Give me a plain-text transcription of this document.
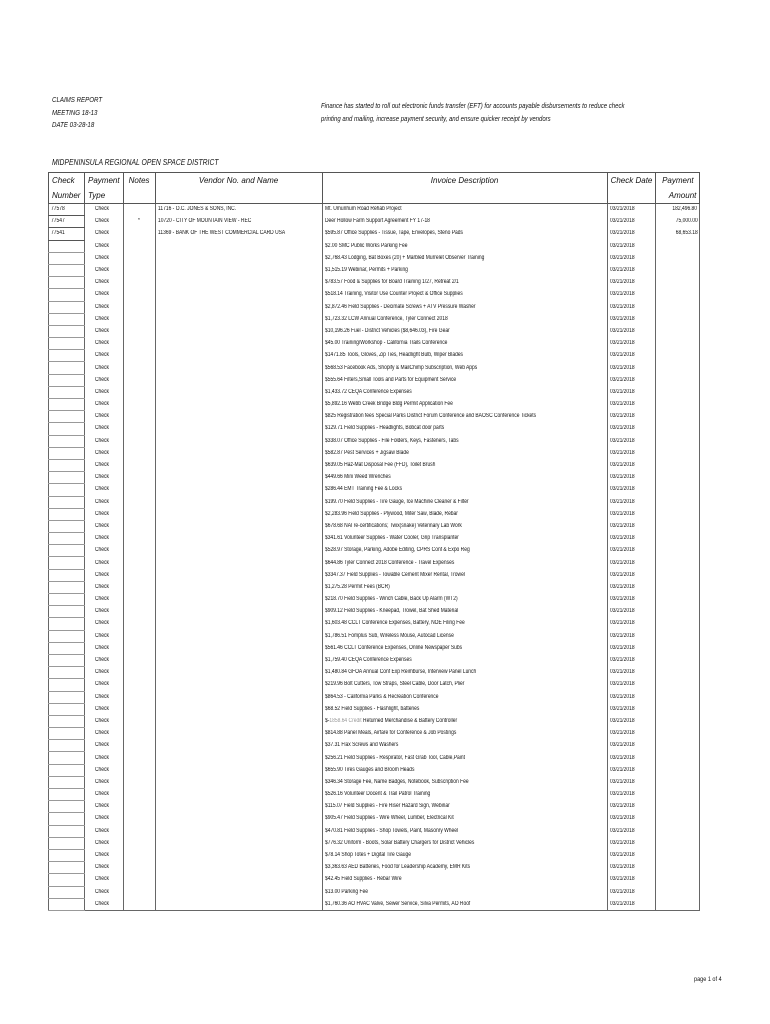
CLAIMS REPORT
MEETING 18-13
DATE 03-28-18
Finance has started to roll out electronic funds transfer (EFT) for accounts payable disbursements to reduce check
printing and mailing, increase payment security, and ensure quicker receipt by vendors
MIDPENINSULA REGIONAL OPEN SPACE DISTRICT
Check	Payment	Notes	Vendor No. and Name	Invoice Description	Check Date	Payment
Number	Type					Amount
77578	Check		11716 - O.C. JONES & SONS, INC.	Mt. Umunhum Road Rehab Project	03/21/2018	182,496.80
77547	Check	*	10720 - CITY OF MOUNTAIN VIEW - REC	Deer Hollow Farm Support Agreement FY 17-18	03/21/2018	75,000.00
77541	Check		11369 - BANK OF THE WEST COMMERCIAL CARD USA	$595.87 Office Supplies - Tissue, Tape, Envelopes, Steno Pads	03/21/2018	68,653.18
	Check			$2.00 SMC Public Works Parking Fee	03/21/2018	
	Check			$2,768.43 Lodging, Bat Boxes (20) + Marbled Murrelet Observer Training	03/21/2018	
	Check			$1,515.19 Webinar, Permits + Parking	03/21/2018	
	Check			$783.57 Food & Supplies for Board Training 1/27, Retreat 2/1	03/21/2018	
	Check			$518.14 Training, Visitor Use Counter Project & Office Supplies	03/21/2018	
	Check			$2,872.46 Field Supplies - Decimate Screws + ATV Pressure Washer	03/21/2018	
	Check			$1,723.32 LCW Annual Conference, Tyler Connect 2018	03/21/2018	
	Check			$10,196.26 Fuel - District Vehicles ($8,646.03), Fire Gear	03/21/2018	
	Check			$45.00 Training/Workshop - California Trails Conference	03/21/2018	
	Check			$1471.85 Tools, Gloves, Zip Ties, Headlight Bulb, Wiper Blades	03/21/2018	
	Check			$568.53 Facebook Ads, Shopify & MailChimp Subscription, Web Apps	03/21/2018	
	Check			$555.64 Filters,Small Tools and Parts for Equipment Service	03/21/2018	
	Check			$1,433.72 CEQA Conference Expenses	03/21/2018	
	Check			$5,892.16 Webb Creek Bridge Bldg Permit Application Fee	03/21/2018	
	Check			$825 Registration fees Special Parks District Forum Conference and BAOSC Conference Tickets	03/21/2018	
	Check			$129.71 Field Supplies - Headlights, Bobcat door parts	03/21/2018	
	Check			$338.07 Office Supplies - File Folders, Keys, Fasteners, Tabs	03/21/2018	
	Check			$582.87 Pest Services + Jigsaw Blade	03/21/2018	
	Check			$639.05 Haz-Mat Disposal Fee (FFD), Toilet Brush	03/21/2018	
	Check			$449.66 Mini Weed Wrenches	03/21/2018	
	Check			$286.44 EMT Training Fee & Locks	03/21/2018	
	Check			$199.70 Field Supplies - Tire Gauge, Ice Machine Cleaner & Filter	03/21/2018	
	Check			$2,283.96 Field Supplies - Plywood, Miter Saw, Blade, Rebar	03/21/2018	
	Check			$678.68 NAI re-certifications; Twix(snake) Veterinary Lab Work	03/21/2018	
	Check			$341.61 Volunteer Supplies - Water Cooler, Grip Transplanter	03/21/2018	
	Check			$528.97 Storage, Parking, Adobe Editing, CPRS Conf & Expo Reg	03/21/2018	
	Check			$644.86 Tyler Connect 2018 Conference - Travel Expenses	03/21/2018	
	Check			$3347.37 Field Supplies - Towable Cement Mixer Rental, Trowel	03/21/2018	
	Check			$1,275.28 Permit Fees (BCR)	03/21/2018	
	Check			$218.70 Field Supplies - Winch Cable, Back Up Alarm (WT2)	03/21/2018	
	Check			$909.12 Field Supplies - Kneepad, Trowel, Bat Shed Material	03/21/2018	
	Check			$1,603.48 CCLT Conference Expenses, Battery, NOE Filing Fee	03/21/2018	
	Check			$1,786.51 Fomplus Sub, Wireless Mouse, Autocad License	03/21/2018	
	Check			$561.46 CCLT Conference Expenses, Online Newspaper Subs	03/21/2018	
	Check			$1,759.40 CEQA Conference Expenses	03/21/2018	
	Check			$1,480.84 GFOA Annual Conf Exp Reimburse, Interview Panel Lunch	03/21/2018	
	Check			$219.96 Bolt Cutters, Tow Straps, Steel Cable, Door Latch, Plier	03/21/2018	
	Check			$864.53 - California Parks & Recreation Conference	03/21/2018	
	Check			$68.52 Field Supplies - Flashlight, batteries	03/21/2018	
	Check			$-1858.64 Credit Returned Merchandise & Battery Controller	03/21/2018	
	Check			$814.88 Panel Meals, Airfare for Conference & Job Postings	03/21/2018	
	Check			$37.31 Flax Screws and Washers	03/21/2018	
	Check			$256.21 Field Supplies - Respirator, Fast Grab Tool, Cable,Paint	03/21/2018	
	Check			$655.90 Tires Gauges and Broom Heads	03/21/2018	
	Check			$346.34 Storage Fee, Name Badges, Notebook, Subscription Fee	03/21/2018	
	Check			$526.16 Volunteer Docent & Trail Patrol Training	03/21/2018	
	Check			$115.07 Field Supplies - Fire Riser Hazard Sign, Webinar	03/21/2018	
	Check			$905.47 Field Supplies - Wire Wheel, Lumber, Electrical Kit	03/21/2018	
	Check			$470.81 Field Supplies - Shop Towels, Paint, Masonry Wheel	03/21/2018	
	Check			$776.32 Uniform - Boots, Solar Battery Chargers for District Vehicles	03/21/2018	
	Check			$78.14 Shop Totes + Digital Tire Gauge	03/21/2018	
	Check			$3,363.63 AED Batteries, Food for Leadership Academy, EMR Kits	03/21/2018	
	Check			$42.45 Field Supplies - Rebar Wire	03/21/2018	
	Check			$13.00 Parking Fee	03/21/2018	
	Check			$1,760.36 AO HVAC Valve, Sewer Service, Silva Permits, AO Roof	03/21/2018	
page 1 of 4
